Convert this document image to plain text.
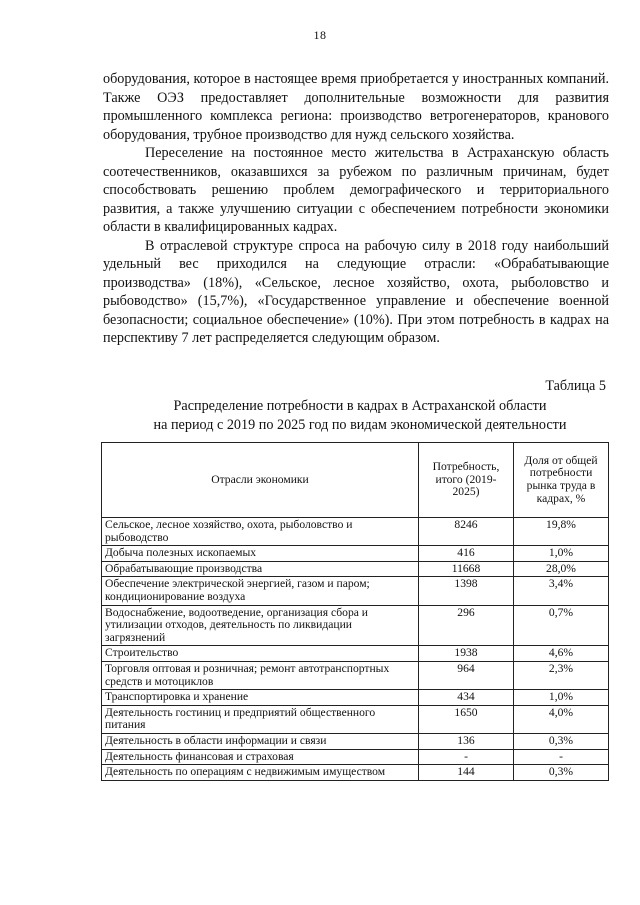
18

оборудования, которое в настоящее время приобретается у иностранных компаний. Также ОЭЗ предоставляет дополнительные возможности для развития промышленного комплекса региона: производство ветрогенераторов, кранового оборудования, трубное производство для нужд сельского хозяйства.

Переселение на постоянное место жительства в Астраханскую область соотечественников, оказавшихся за рубежом по различным причинам, будет способствовать решению проблем демографического и территориального развития, а также улучшению ситуации с обеспечением потребности экономики области в квалифицированных кадрах.

В отраслевой структуре спроса на рабочую силу в 2018 году наибольший удельный вес приходился на следующие отрасли: «Обрабатывающие производства» (18%), «Сельское, лесное хозяйство, охота, рыболовство и рыбоводство» (15,7%), «Государственное управление и обеспечение военной безопасности; социальное обеспечение» (10%). При этом потребность в кадрах на перспективу 7 лет распределяется следующим образом.

Таблица 5
Распределение потребности в кадрах в Астраханской области
на период с 2019 по 2025 год по видам экономической деятельности
Отрасли экономики	Потребность, итого (2019-2025)	Доля от общей потребности рынка труда в кадрах, %
Сельское, лесное хозяйство, охота, рыболовство и рыбоводство	8246	19,8%
Добыча полезных ископаемых	416	1,0%
Обрабатывающие производства	11668	28,0%
Обеспечение электрической энергией, газом и паром; кондиционирование воздуха	1398	3,4%
Водоснабжение, водоотведение, организация сбора и утилизации отходов, деятельность по ликвидации загрязнений	296	0,7%
Строительство	1938	4,6%
Торговля оптовая и розничная; ремонт автотранспортных средств и мотоциклов	964	2,3%
Транспортировка и хранение	434	1,0%
Деятельность гостиниц и предприятий общественного питания	1650	4,0%
Деятельность в области информации и связи	136	0,3%
Деятельность финансовая и страховая	-	-
Деятельность по операциям с недвижимым имуществом	144	0,3%
